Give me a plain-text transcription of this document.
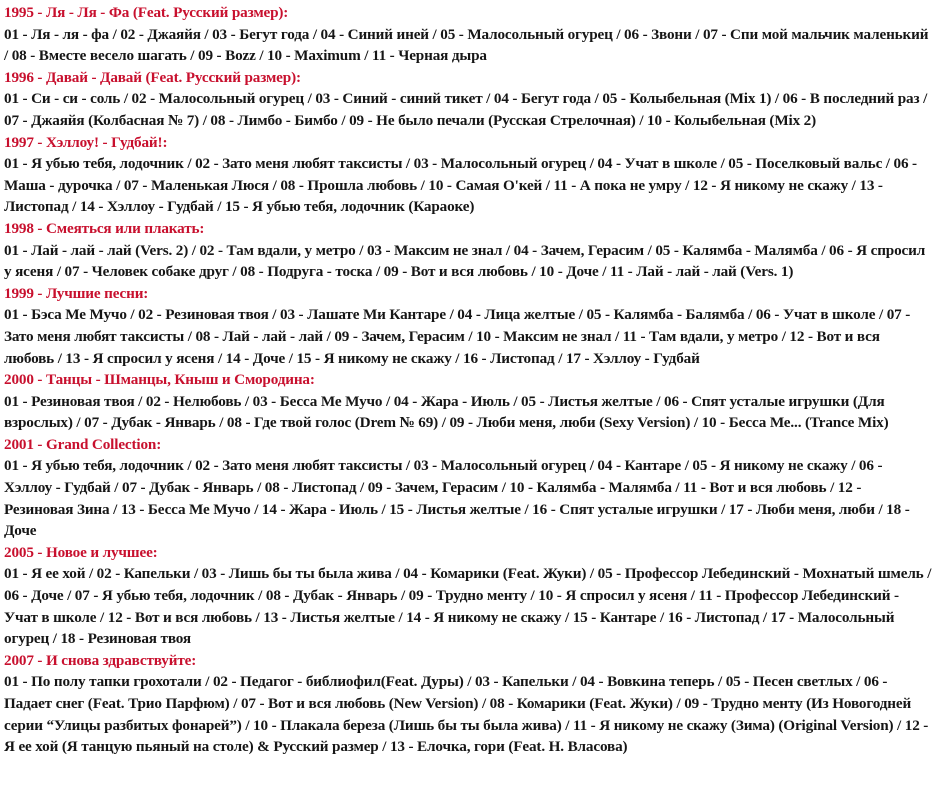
1995 - Ля - Ля - Фа (Feat. Русский размер):
01 - Ля - ля - фа / 02 - Джаяйя / 03 - Бегут года / 04 - Синий иней / 05 - Малосольный огурец / 06 - Звони / 07 - Спи мой мальчик маленький / 08 - Вместе весело шагать / 09 - Bozz / 10 - Maximum / 11 - Черная дыра
1996 - Давай - Давай (Feat. Русский размер):
01 - Си - си - соль / 02 - Малосольный огурец / 03 - Синий - синий тикет / 04 - Бегут года / 05 - Колыбельная (Mix 1) / 06 - В последний раз / 07 - Джаяйя (Колбасная № 7) / 08 - Лимбо - Бимбо / 09 - Не было печали (Русская Стрелочная) / 10 - Колыбельная (Mix 2)
1997 - Хэллоу! - Гудбай!:
01 - Я убью тебя, лодочник / 02 - Зато меня любят таксисты / 03 - Малосольный огурец / 04 - Учат в школе / 05 - Поселковый вальс / 06 - Маша - дурочка / 07 - Маленькая Люся / 08 - Прошла любовь / 10 - Самая О'кей / 11 - А пока не умру / 12 - Я никому не скажу / 13 - Листопад / 14 - Хэллоу - Гудбай / 15 - Я убью тебя, лодочник (Караоке)
1998 - Смеяться или плакать:
01 - Лай - лай - лай (Vers. 2) / 02 - Там вдали, у метро / 03 - Максим не знал / 04 - Зачем, Герасим / 05 - Калямба - Малямба / 06 - Я спросил у ясеня / 07 - Человек собаке друг / 08 - Подруга - тоска / 09 - Вот и вся любовь / 10 - Доче / 11 - Лай - лай - лай (Vers. 1)
1999 - Лучшие песни:
01 - Бэса Ме Мучо / 02 - Резиновая твоя / 03 - Лашате Ми Кантаре / 04 - Лица желтые / 05 - Калямба - Балямба / 06 - Учат в школе / 07 - Зато меня любят таксисты / 08 - Лай - лай - лай / 09 - Зачем, Герасим / 10 - Максим не знал / 11 - Там вдали, у метро / 12 - Вот и вся любовь / 13 - Я спросил у ясеня / 14 - Доче / 15 - Я никому не скажу / 16 - Листопад / 17 - Хэллоу - Гудбай
2000 - Танцы - Шманцы, Кныш и Смородина:
01 - Резиновая твоя / 02 - Нелюбовь / 03 - Бесса Ме Мучо / 04 - Жара - Июль / 05 - Листья желтые / 06 - Спят усталые игрушки (Для взрослых) / 07 - Дубак - Январь / 08 - Где твой голос (Drem № 69) / 09 - Люби меня, люби (Sexy Version) / 10 - Бесса Ме... (Trance Mix)
2001 - Grand Collection:
01 - Я убью тебя, лодочник / 02 - Зато меня любят таксисты / 03 - Малосольный огурец / 04 - Кантаре / 05 - Я никому не скажу / 06 - Хэллоу - Гудбай / 07 - Дубак - Январь / 08 - Листопад / 09 - Зачем, Герасим / 10 - Калямба - Малямба / 11 - Вот и вся любовь / 12 - Резиновая Зина / 13 - Бесса Ме Мучо / 14 - Жара - Июль / 15 - Листья желтые / 16 - Спят усталые игрушки / 17 - Люби меня, люби / 18 - Доче
2005 - Новое и лучшее:
01 - Я ее хой / 02 - Капельки / 03 - Лишь бы ты была жива / 04 - Комарики (Feat. Жуки) / 05 - Профессор Лебединский - Мохнатый шмель / 06 - Доче / 07 - Я убью тебя, лодочник / 08 - Дубак - Январь / 09 - Трудно менту / 10 - Я спросил у ясеня / 11 - Профессор Лебединский - Учат в школе / 12 - Вот и вся любовь / 13 - Листья желтые / 14 - Я никому не скажу / 15 - Кантаре / 16 - Листопад / 17 - Малосольный огурец / 18 - Резиновая твоя
2007 - И снова здравствуйте:
01 - По полу тапки грохотали / 02 - Педагог - библиофил(Feat. Дуры) / 03 - Капельки / 04 - Вовкина теперь / 05 - Песен светлых / 06 - Падает снег (Feat. Трио Парфюм) / 07 - Вот и вся любовь (New Version) / 08 - Комарики (Feat. Жуки) / 09 - Трудно менту (Из Новогодней серии “Улицы разбитых фонарей”) / 10 - Плакала береза (Лишь бы ты была жива) / 11 - Я никому не скажу (Зима) (Original Version) / 12 - Я ее хой (Я танцую пьяный на столе) & Русский размер / 13 - Елочка, гори (Feat. Н. Власова)
